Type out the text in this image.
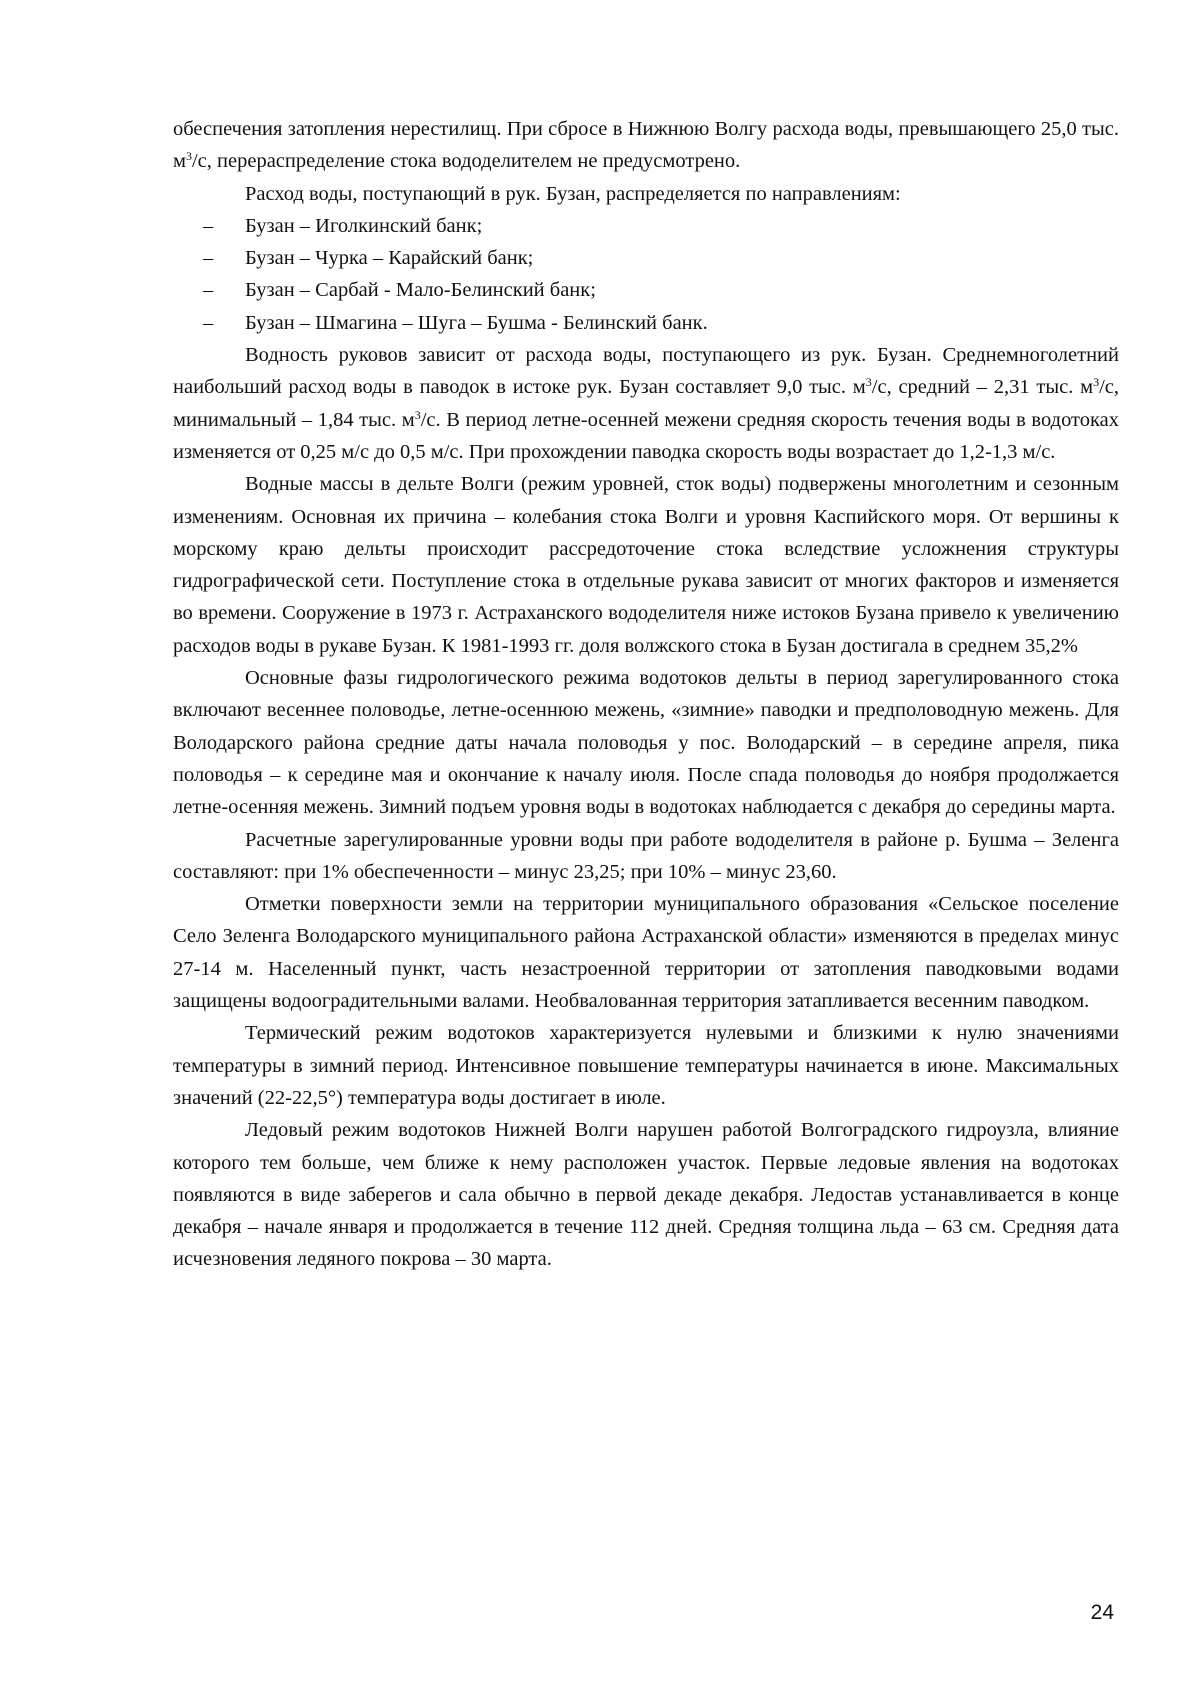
обеспечения затопления нерестилищ. При сбросе в Нижнюю Волгу расхода воды, превышающего 25,0 тыс. $м^3/с$, перераспределение стока вододелителем не предусмотрено.

Расход воды, поступающий в рук. Бузан, распределяется по направлениям:

– Бузан – Иголкинский банк;
– Бузан – Чурка – Карайский банк;
– Бузан – Сарбай - Мало-Белинский банк;
– Бузан – Шмагина – Шуга – Бушма - Белинский банк.

Водность руковов зависит от расхода воды, поступающего из рук. Бузан. Среднемноголетний наибольший расход воды в паводок в истоке рук. Бузан составляет 9,0 тыс. $м^3/с$, средний – 2,31 тыс. $м^3/с$, минимальный – 1,84 тыс. $м^3/с$. В период летне-осенней межени средняя скорость течения воды в водотоках изменяется от 0,25 м/с до 0,5 м/с. При прохождении паводка скорость воды возрастает до 1,2-1,3 м/с.

Водные массы в дельте Волги (режим уровней, сток воды) подвержены многолетним и сезонным изменениям. Основная их причина – колебания стока Волги и уровня Каспийского моря. От вершины к морскому краю дельты происходит рассредоточение стока вследствие усложнения структуры гидрографической сети. Поступление стока в отдельные рукава зависит от многих факторов и изменяется во времени. Сооружение в 1973 г. Астраханского вододелителя ниже истоков Бузана привело к увеличению расходов воды в рукаве Бузан. К 1981-1993 гг. доля волжского стока в Бузан достигала в среднем 35,2%

Основные фазы гидрологического режима водотоков дельты в период зарегулированного стока включают весеннее половодье, летне-осеннюю межень, «зимние» паводки и предполоводную межень. Для Володарского района средние даты начала половодья у пос. Володарский – в середине апреля, пика половодья – к середине мая и окончание к началу июля. После спада половодья до ноября продолжается летне-осенняя межень. Зимний подъем уровня воды в водотоках наблюдается с декабря до середины марта.

Расчетные зарегулированные уровни воды при работе вододелителя в районе р. Бушма – Зеленга составляют: при 1% обеспеченности – минус 23,25; при 10% – минус 23,60.

Отметки поверхности земли на территории муниципального образования «Сельское поселение Село Зеленга Володарского муниципального района Астраханской области» изменяются в пределах минус 27-14 м. Населенный пункт, часть незастроенной территории от затопления паводковыми водами защищены водооградительными валами. Необвалованная территория затапливается весенним паводком.

Термический режим водотоков характеризуется нулевыми и близкими к нулю значениями температуры в зимний период. Интенсивное повышение температуры начинается в июне. Максимальных значений (22-22,5°) температура воды достигает в июле.

Ледовый режим водотоков Нижней Волги нарушен работой Волгоградского гидроузла, влияние которого тем больше, чем ближе к нему расположен участок. Первые ледовые явления на водотоках появляются в виде заберегов и сала обычно в первой декаде декабря. Ледостав устанавливается в конце декабря – начале января и продолжается в течение 112 дней. Средняя толщина льда – 63 см. Средняя дата исчезновения ледяного покрова – 30 марта.

24
